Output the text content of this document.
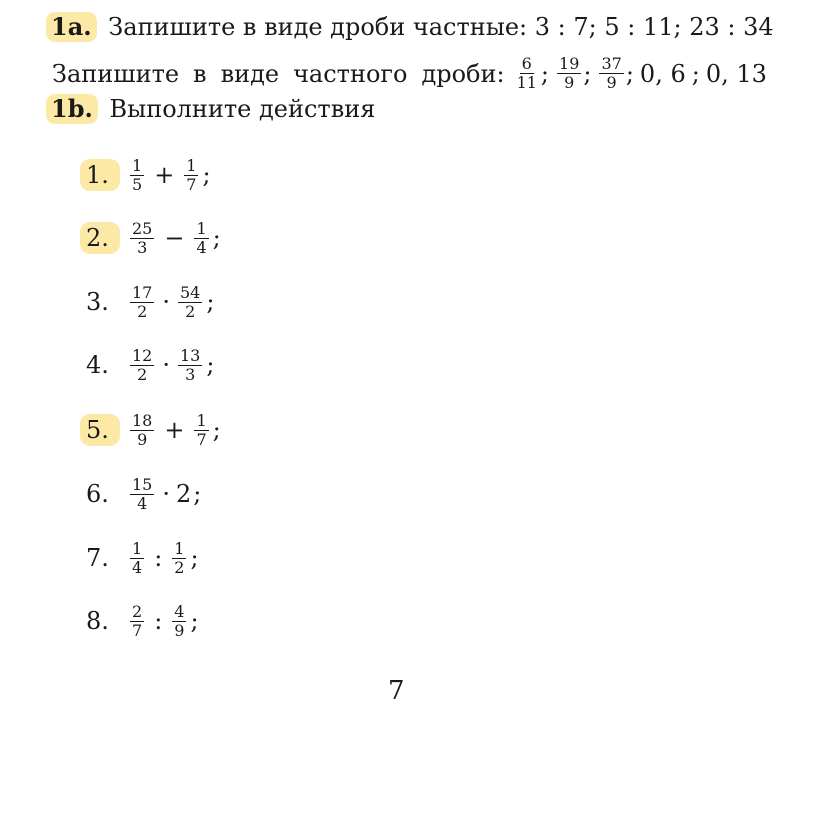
1a. Запишите в виде дроби частные: 3 : 7; 5 : 11; 23 : 34
Запишите в виде частного дроби: $\frac{6}{11}$ ; $\frac{19}{9}$ ; $\frac{37}{9}$ ; 0, 6 ; 0, 13
1b. Выполните действия
1.	$\frac{1}{5} + \frac{1}{7}$ ;
2.	$\frac{25}{3} - \frac{1}{4}$ ;
3.	$\frac{17}{2} \cdot \frac{54}{2}$ ;
4.	$\frac{12}{2} \cdot \frac{13}{3}$ ;
5.	$\frac{18}{9} + \frac{1}{7}$ ;
6.	$\frac{15}{4} \cdot 2$ ;
7.	$\frac{1}{4}$ : $\frac{1}{2}$ ;
8.	$\frac{2}{7}$ : $\frac{4}{9}$ ;
7
